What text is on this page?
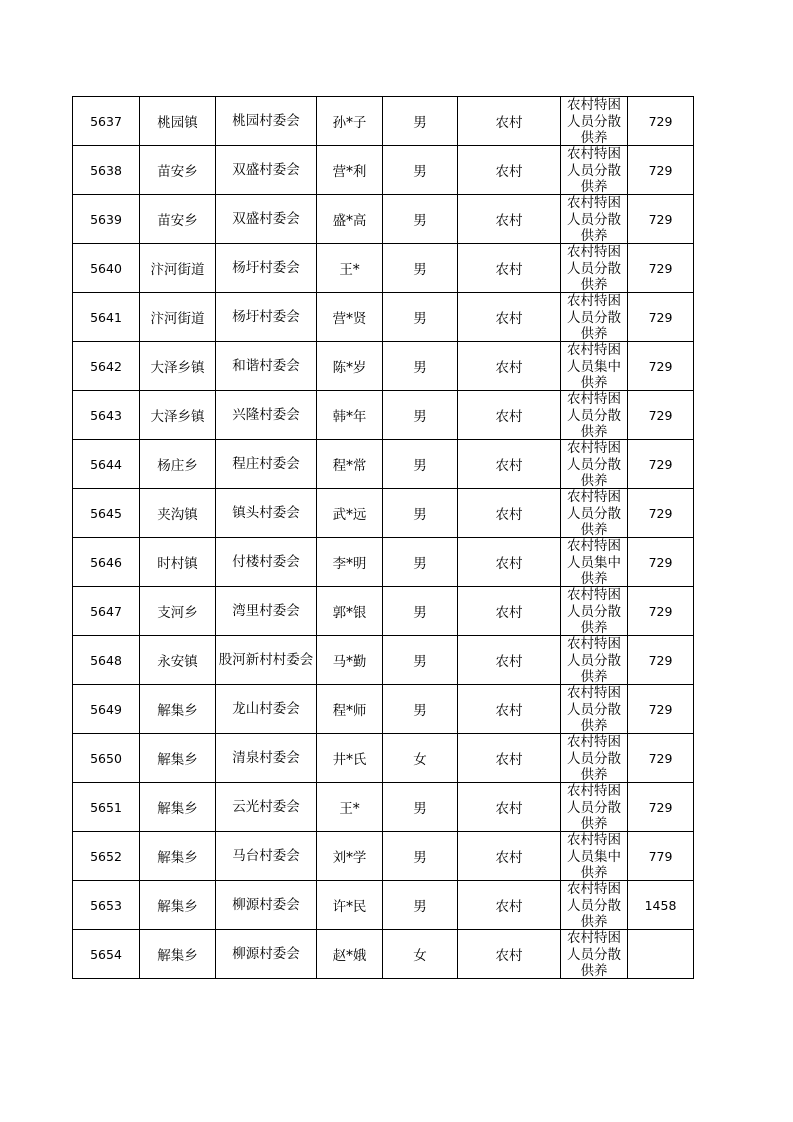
5637	桃园镇	桃园村委会	孙*子	男	农村	农村特困人员分散供养	729
5638	苗安乡	双盛村委会	营*利	男	农村	农村特困人员分散供养	729
5639	苗安乡	双盛村委会	盛*高	男	农村	农村特困人员分散供养	729
5640	汴河街道	杨圩村委会	王*	男	农村	农村特困人员分散供养	729
5641	汴河街道	杨圩村委会	营*贤	男	农村	农村特困人员分散供养	729
5642	大泽乡镇	和谐村委会	陈*岁	男	农村	农村特困人员集中供养	729
5643	大泽乡镇	兴隆村委会	韩*年	男	农村	农村特困人员分散供养	729
5644	杨庄乡	程庄村委会	程*常	男	农村	农村特困人员分散供养	729
5645	夹沟镇	镇头村委会	武*远	男	农村	农村特困人员分散供养	729
5646	时村镇	付楼村委会	李*明	男	农村	农村特困人员集中供养	729
5647	支河乡	湾里村委会	郭*银	男	农村	农村特困人员分散供养	729
5648	永安镇	股河新村村委会	马*勤	男	农村	农村特困人员分散供养	729
5649	解集乡	龙山村委会	程*师	男	农村	农村特困人员分散供养	729
5650	解集乡	清泉村委会	井*氏	女	农村	农村特困人员分散供养	729
5651	解集乡	云光村委会	王*	男	农村	农村特困人员分散供养	729
5652	解集乡	马台村委会	刘*学	男	农村	农村特困人员集中供养	779
5653	解集乡	柳源村委会	许*民	男	农村	农村特困人员分散供养	1458
5654	解集乡	柳源村委会	赵*娥	女	农村	农村特困人员分散供养	
